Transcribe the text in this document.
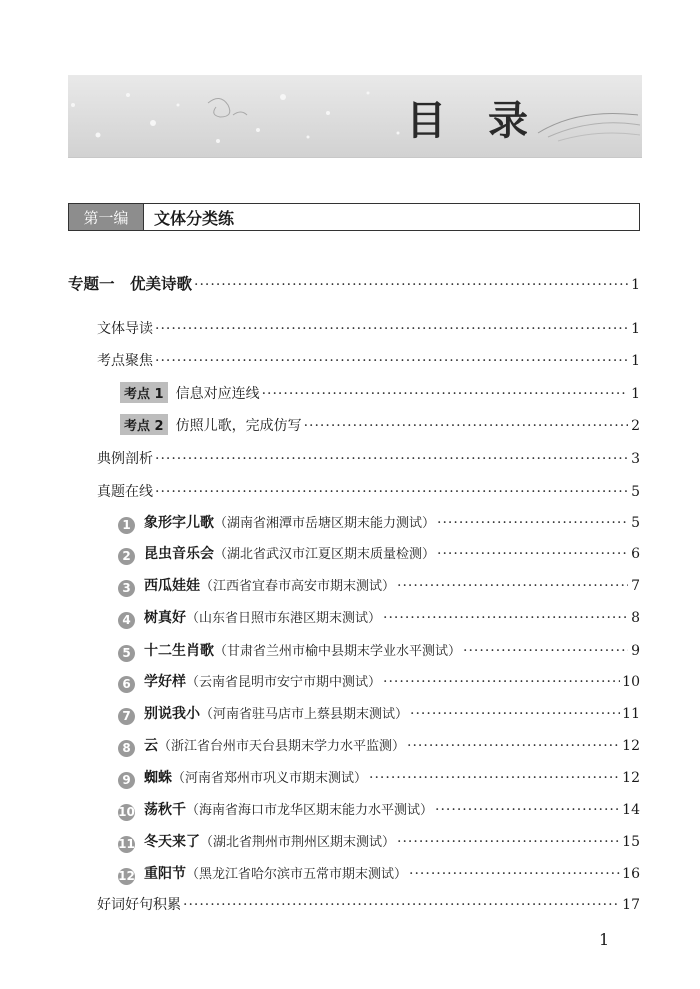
目 录
第一编	文体分类练
专题一　优美诗歌 ·····	1
文体导读 ·····	1
考点聚焦 ·····	1
考点 1 信息对应连线 ·····	1
考点 2 仿照儿歌，完成仿写 ·····	2
典例剖析 ·····	3
真题在线 ·····	5
1 象形字儿歌 （湖南省湘潭市岳塘区期末能力测试） ·····	5
2 昆虫音乐会 （湖北省武汉市江夏区期末质量检测） ·····	6
3 西瓜娃娃 （江西省宜春市高安市期末测试） ·····	7
4 树真好 （山东省日照市东港区期末测试） ·····	8
5 十二生肖歌 （甘肃省兰州市榆中县期末学业水平测试） ·····	9
6 学好样 （云南省昆明市安宁市期中测试） ·····	10
7 别说我小 （河南省驻马店市上蔡县期末测试） ·····	11
8 云 （浙江省台州市天台县期末学力水平监测） ·····	12
9 蜘蛛 （河南省郑州市巩义市期末测试） ·····	12
10 荡秋千 （海南省海口市龙华区期末能力水平测试） ·····	14
11 冬天来了 （湖北省荆州市荆州区期末测试） ·····	15
12 重阳节 （黑龙江省哈尔滨市五常市期末测试） ·····	16
好词好句积累 ·····	17
1
